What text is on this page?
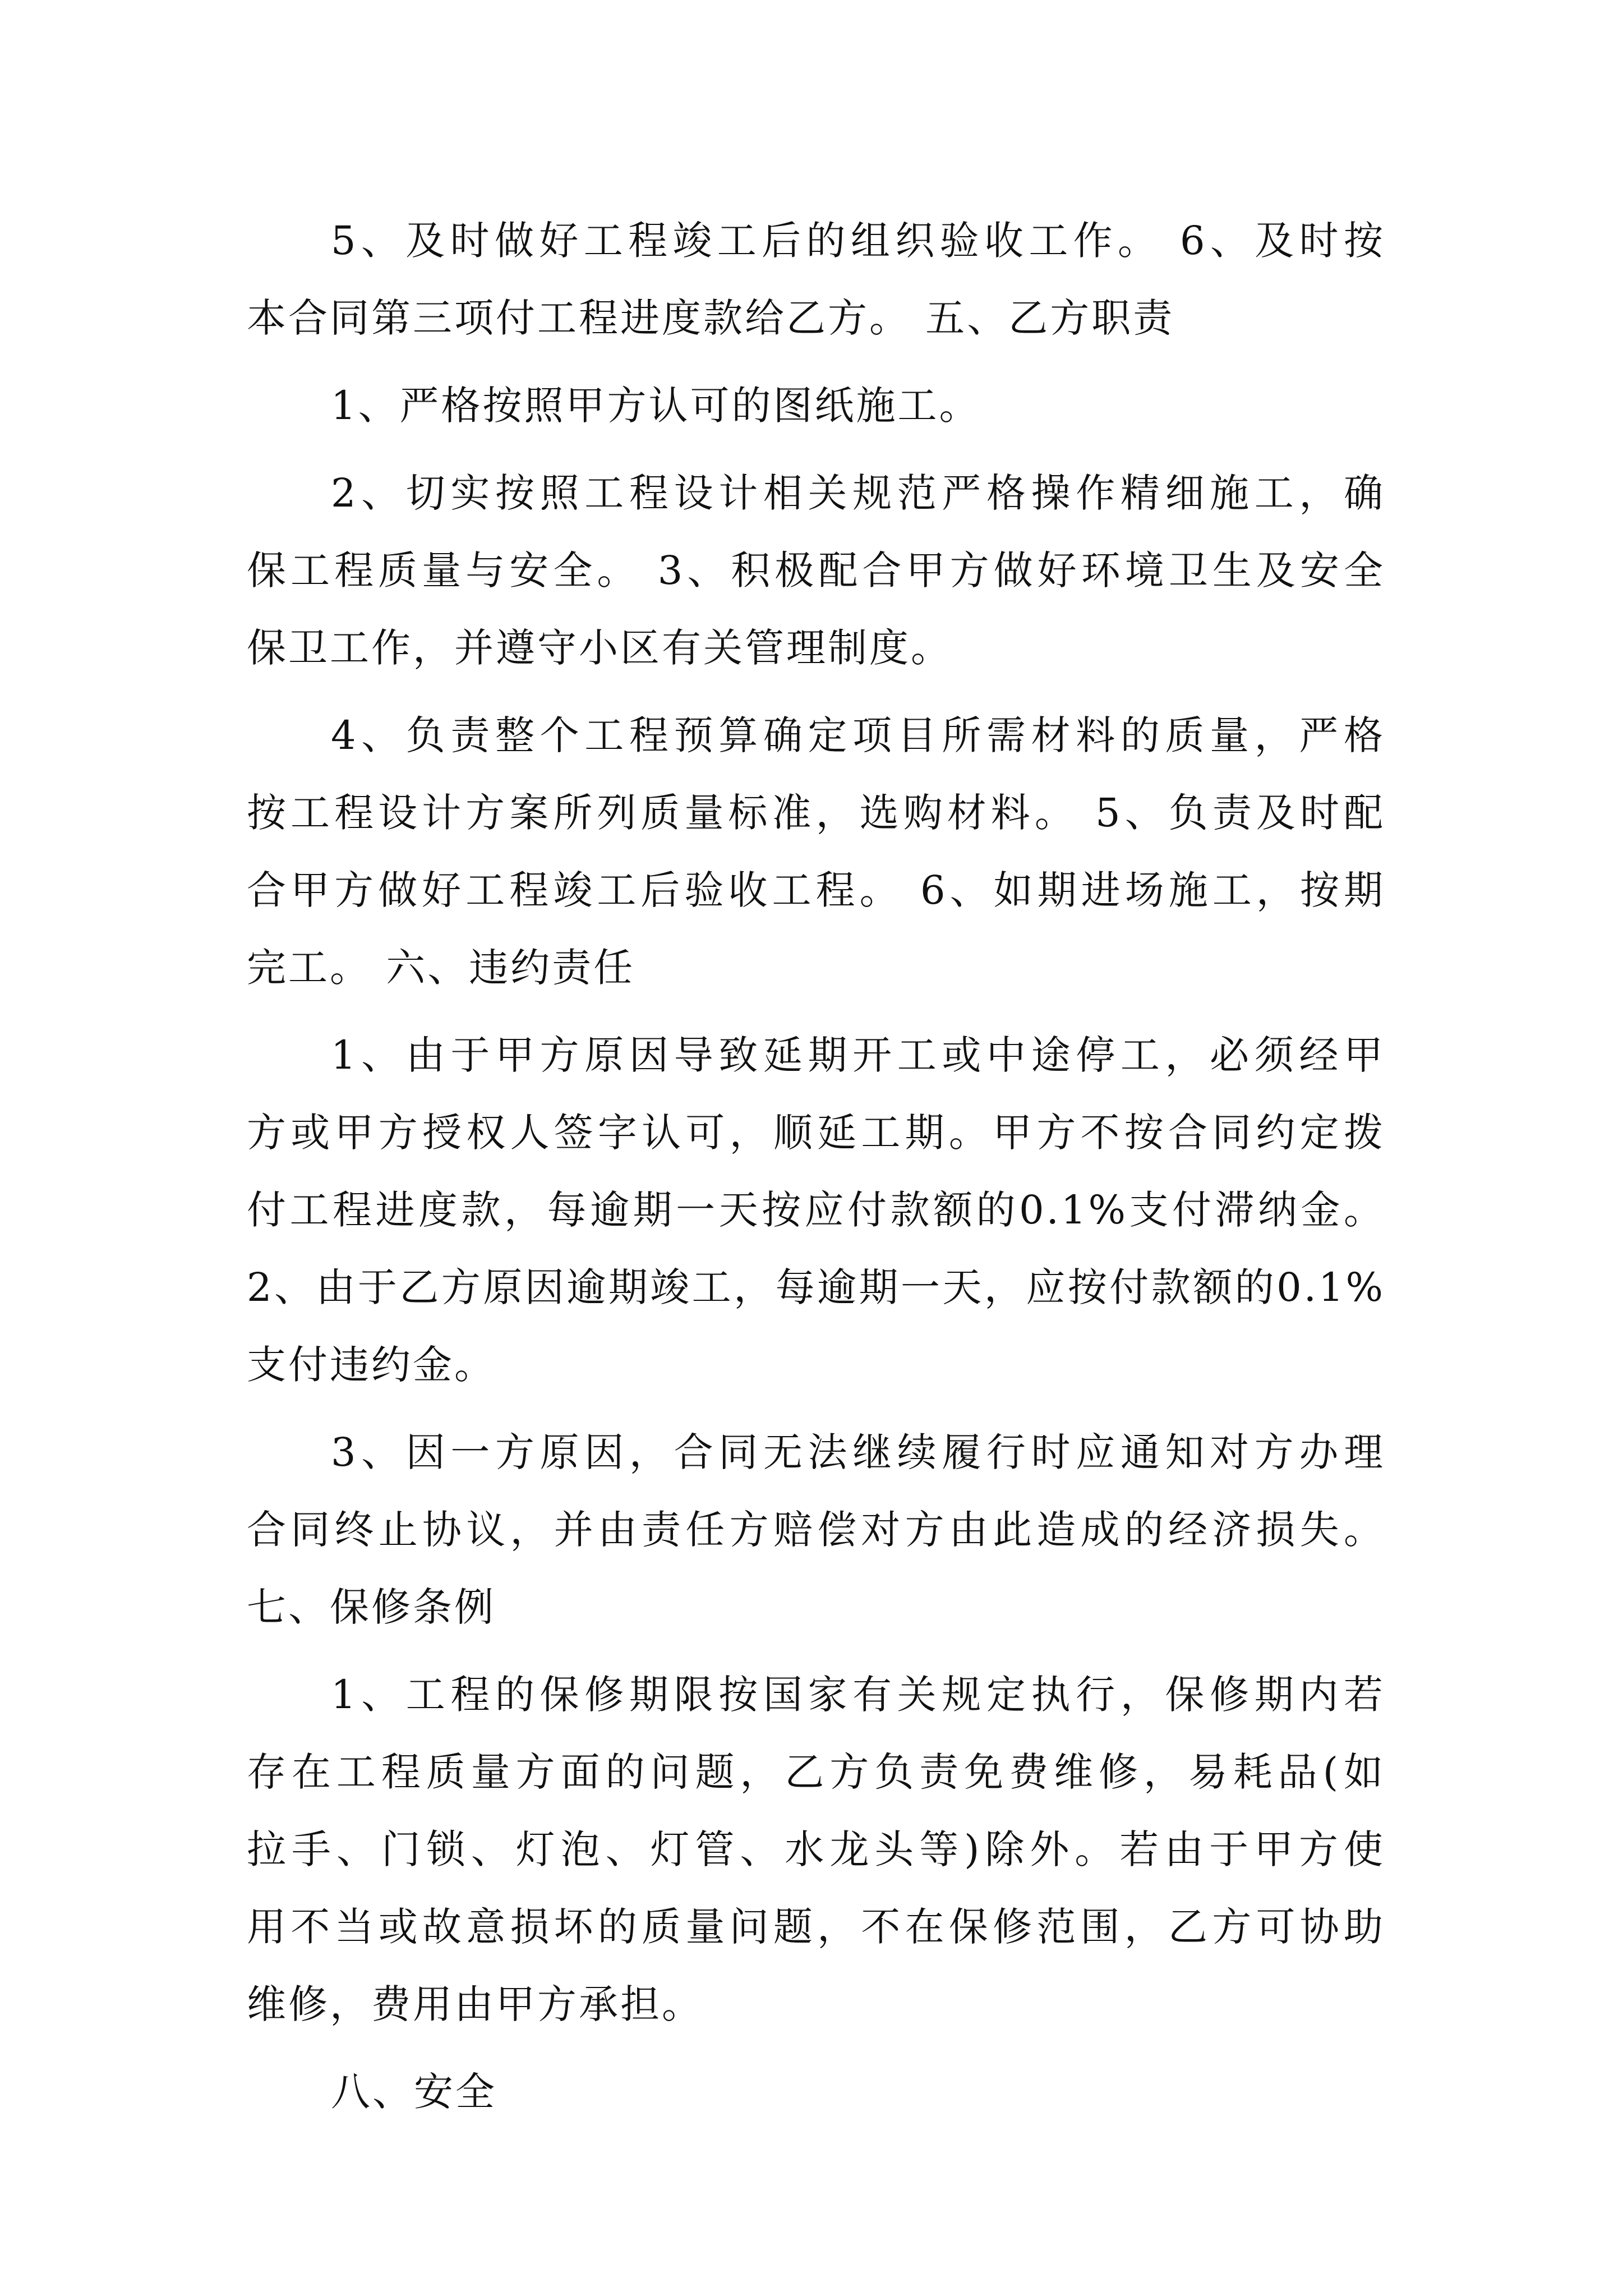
5、及时做好工程竣工后的组织验收工作。 6、及时按
本合同第三项付工程进度款给乙方。 五、乙方职责
1、严格按照甲方认可的图纸施工。
2、切实按照工程设计相关规范严格操作精细施工，确
保工程质量与安全。 3、积极配合甲方做好环境卫生及安全
保卫工作，并遵守小区有关管理制度。
4、负责整个工程预算确定项目所需材料的质量，严格
按工程设计方案所列质量标准，选购材料。 5、负责及时配
合甲方做好工程竣工后验收工程。 6、如期进场施工，按期
完工。 六、违约责任
1、由于甲方原因导致延期开工或中途停工，必须经甲
方或甲方授权人签字认可，顺延工期。甲方不按合同约定拨
付工程进度款，每逾期一天按应付款额的0.1%支付滞纳金。
2、由于乙方原因逾期竣工，每逾期一天，应按付款额的0.1%
支付违约金。
3、因一方原因，合同无法继续履行时应通知对方办理
合同终止协议，并由责任方赔偿对方由此造成的经济损失。
七、保修条例
1、工程的保修期限按国家有关规定执行，保修期内若
存在工程质量方面的问题，乙方负责免费维修，易耗品(如
拉手、门锁、灯泡、灯管、水龙头等)除外。若由于甲方使
用不当或故意损坏的质量问题，不在保修范围，乙方可协助
维修，费用由甲方承担。
八、安全
